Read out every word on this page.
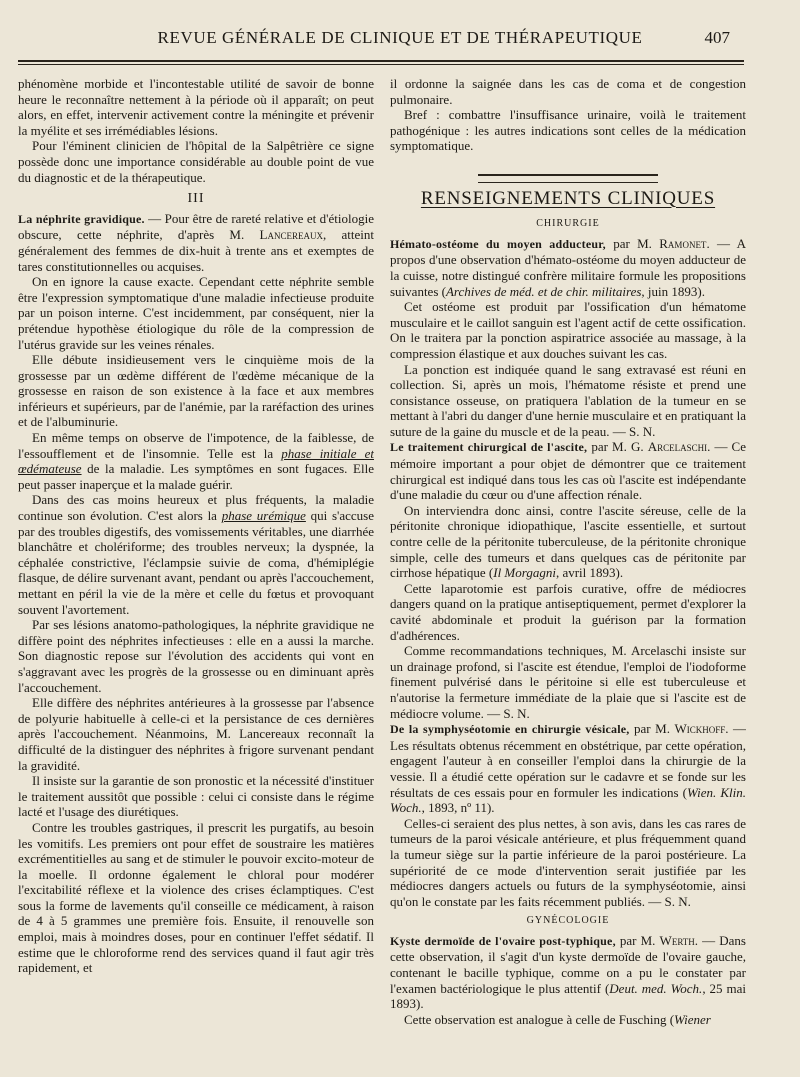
REVUE GÉNÉRALE DE CLINIQUE ET DE THÉRAPEUTIQUE	407

phénomène morbide et l'incontestable utilité de savoir de bonne heure le reconnaître nettement à la période où il apparaît; on peut alors, en effet, intervenir activement contre la méningite et prévenir la myélite et ses irrémédiables lésions.

Pour l'éminent clinicien de l'hôpital de la Salpêtrière ce signe possède donc une importance considérable au double point de vue du diagnostic et de la thérapeutique.

III

La néphrite gravidique. — Pour être de rareté relative et d'étiologie obscure, cette néphrite, d'après M. Lancereaux, atteint généralement des femmes de dix-huit à trente ans et exemptes de tares constitutionnelles ou acquises.

On en ignore la cause exacte. Cependant cette néphrite semble être l'expression symptomatique d'une maladie infectieuse produite par un poison interne. C'est incidemment, par conséquent, nier la prétendue hypothèse étiologique du rôle de la compression de l'utérus gravide sur les veines rénales.

Elle débute insidieusement vers le cinquième mois de la grossesse par un œdème différent de l'œdème mécanique de la grossesse en raison de son existence à la face et aux membres inférieurs et supérieurs, par de l'anémie, par la raréfaction des urines et de l'albuminurie.

En même temps on observe de l'impotence, de la faiblesse, de l'essoufflement et de l'insomnie. Telle est la phase initiale et œdémateuse de la maladie. Les symptômes en sont fugaces. Elle peut passer inaperçue et la malade guérir.

Dans des cas moins heureux et plus fréquents, la maladie continue son évolution. C'est alors la phase urémique qui s'accuse par des troubles digestifs, des vomissements véritables, une diarrhée blanchâtre et cholériforme; des troubles nerveux; la dyspnée, la céphalée constrictive, l'éclampsie suivie de coma, d'hémiplégie flasque, de délire survenant avant, pendant ou après l'accouchement, mettant en péril la vie de la mère et celle du fœtus et provoquant souvent l'avortement.

Par ses lésions anatomo-pathologiques, la néphrite gravidique ne diffère point des néphrites infectieuses : elle en a aussi la marche. Son diagnostic repose sur l'évolution des accidents qui vont en s'aggravant avec les progrès de la grossesse ou en diminuant après l'accouchement.

Elle diffère des néphrites antérieures à la grossesse par l'absence de polyurie habituelle à celle-ci et la persistance de ces dernières après l'accouchement. Néanmoins, M. Lancereaux reconnaît la difficulté de la distinguer des néphrites à frigore survenant pendant la gravidité.

Il insiste sur la garantie de son pronostic et la nécessité d'instituer le traitement aussitôt que possible : celui ci consiste dans le régime lacté et l'usage des diurétiques.

Contre les troubles gastriques, il prescrit les purgatifs, au besoin les vomitifs. Les premiers ont pour effet de soustraire les matières excrémentitielles au sang et de stimuler le pouvoir excito-moteur de la moelle. Il ordonne également le chloral pour modérer l'excitabilité réflexe et la violence des crises éclamptiques. C'est sous la forme de lavements qu'il conseille ce médicament, à raison de 4 à 5 grammes une première fois. Ensuite, il renouvelle son emploi, mais à moindres doses, pour en continuer l'effet sédatif. Il estime que le chloroforme rend des services quand il faut agir très rapidement, et

il ordonne la saignée dans les cas de coma et de congestion pulmonaire.

Bref : combattre l'insuffisance urinaire, voilà le traitement pathogénique : les autres indications sont celles de la médication symptomatique.

RENSEIGNEMENTS CLINIQUES
CHIRURGIE

Hémato-ostéome du moyen adducteur, par M. Ramonet. — A propos d'une observation d'hémato-ostéome du moyen adducteur de la cuisse, notre distingué confrère militaire formule les propositions suivantes (Archives de méd. et de chir. militaires, juin 1893).

Cet ostéome est produit par l'ossification d'un hématome musculaire et le caillot sanguin est l'agent actif de cette ossification. On le traitera par la ponction aspiratrice associée au massage, à la compression élastique et aux douches suivant les cas.

La ponction est indiquée quand le sang extravasé est réuni en collection. Si, après un mois, l'hématome résiste et prend une consistance osseuse, on pratiquera l'ablation de la tumeur en se mettant à l'abri du danger d'une hernie musculaire et en pratiquant la suture de la gaine du muscle et de la peau. — S. N.

Le traitement chirurgical de l'ascite, par M. G. Arcelaschi. — Ce mémoire important a pour objet de démontrer que ce traitement chirurgical est indiqué dans tous les cas où l'ascite est indépendante d'une maladie du cœur ou d'une affection rénale.

On interviendra donc ainsi, contre l'ascite séreuse, celle de la péritonite chronique idiopathique, l'ascite essentielle, et surtout contre celle de la péritonite tuberculeuse, de la péritonite chronique simple, celle des tumeurs et dans quelques cas de péritonite par cirrhose hépatique (Il Morgagni, avril 1893).

Cette laparotomie est parfois curative, offre de médiocres dangers quand on la pratique antiseptiquement, permet d'explorer la cavité abdominale et produit la guérison par la formation d'adhérences.

Comme recommandations techniques, M. Arcelaschi insiste sur un drainage profond, si l'ascite est étendue, l'emploi de l'iodoforme finement pulvérisé dans le péritoine si elle est tuberculeuse et n'autorise la fermeture immédiate de la plaie que si l'ascite est de médiocre volume. — S. N.

De la symphyséotomie en chirurgie vésicale, par M. Wickhoff. — Les résultats obtenus récemment en obstétrique, par cette opération, engagent l'auteur à en conseiller l'emploi dans la chirurgie de la vessie. Il a étudié cette opération sur le cadavre et se fonde sur les résultats de ces essais pour en formuler les indications (Wien. Klin. Woch., 1893, nº 11).

Celles-ci seraient des plus nettes, à son avis, dans les cas rares de tumeurs de la paroi vésicale antérieure, et plus fréquemment quand la tumeur siège sur la partie inférieure de la paroi postérieure. La supériorité de ce mode d'intervention serait justifiée par les médiocres dangers actuels ou futurs de la symphyséotomie, ainsi qu'on le constate par les faits récemment publiés. — S. N.

GYNÉCOLOGIE

Kyste dermoïde de l'ovaire post-typhique, par M. Werth. — Dans cette observation, il s'agit d'un kyste dermoïde de l'ovaire gauche, contenant le bacille typhique, comme on a pu le constater par l'examen bactériologique le plus attentif (Deut. med. Woch., 25 mai 1893).

Cette observation est analogue à celle de Fusching (Wiener
